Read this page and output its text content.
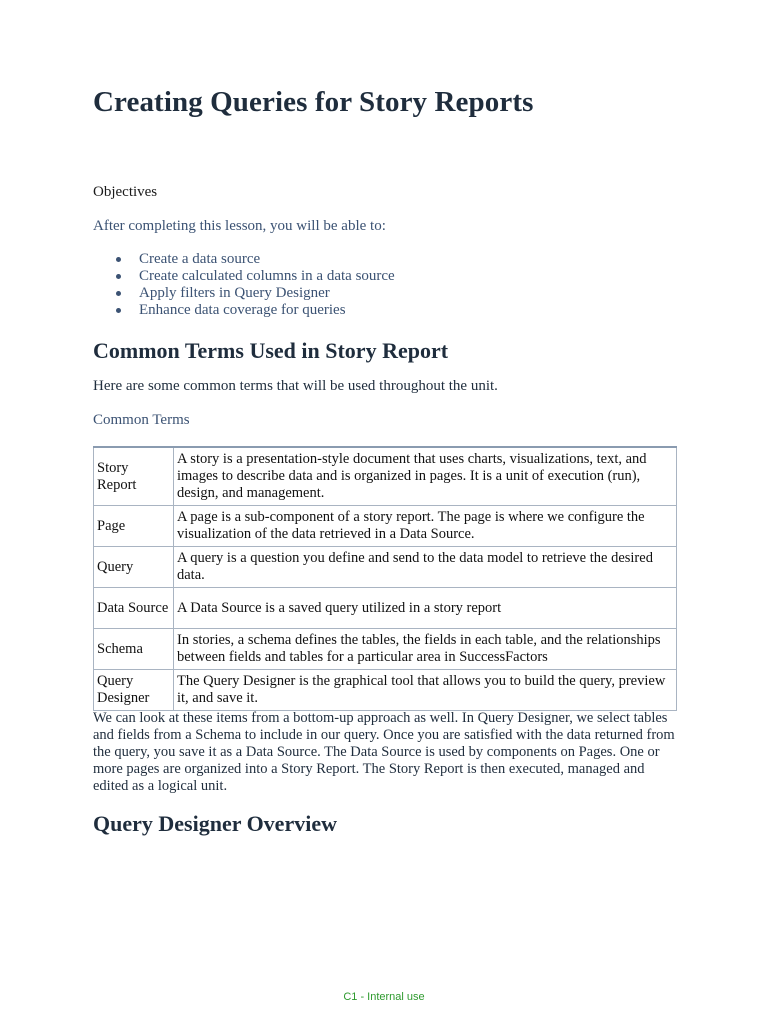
Creating Queries for Story Reports
Objectives
After completing this lesson, you will be able to:
Create a data source
Create calculated columns in a data source
Apply filters in Query Designer
Enhance data coverage for queries
Common Terms Used in Story Report
Here are some common terms that will be used throughout the unit.
Common Terms
Story Report	A story is a presentation-style document that uses charts, visualizations, text, and images to describe data and is organized in pages. It is a unit of execution (run), design, and management.
Page	A page is a sub-component of a story report. The page is where we configure the visualization of the data retrieved in a Data Source.
Query	A query is a question you define and send to the data model to retrieve the desired data.
Data Source	A Data Source is a saved query utilized in a story report
Schema	In stories, a schema defines the tables, the fields in each table, and the relationships between fields and tables for a particular area in SuccessFactors
Query Designer	The Query Designer is the graphical tool that allows you to build the query, preview it, and save it.

We can look at these items from a bottom-up approach as well. In Query Designer, we select tables and fields from a Schema to include in our query. Once you are satisfied with the data returned from the query, you save it as a Data Source. The Data Source is used by components on Pages. One or more pages are organized into a Story Report. The Story Report is then executed, managed and edited as a logical unit.

Query Designer Overview
C1 - Internal use
